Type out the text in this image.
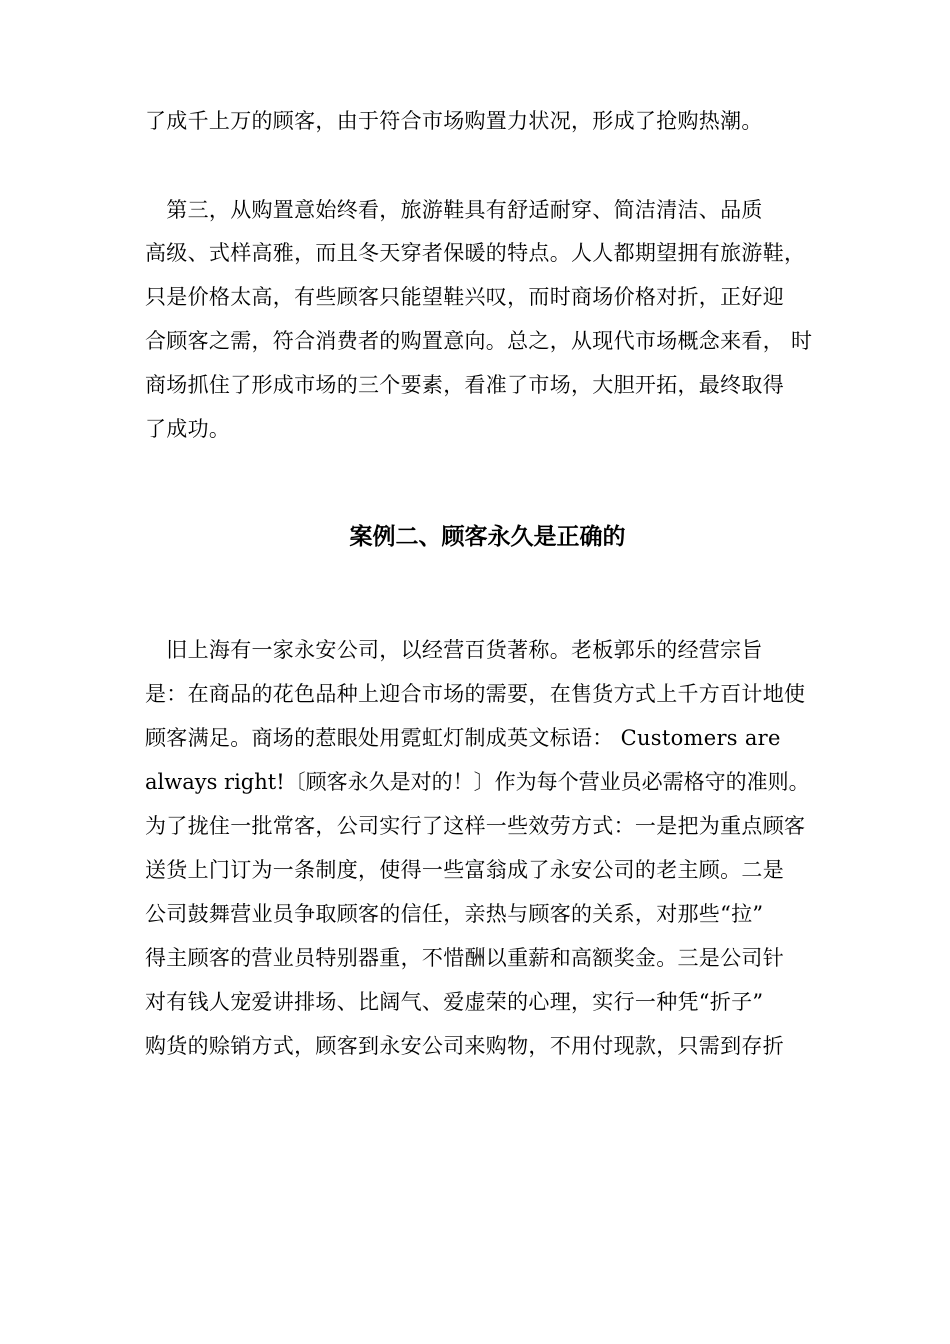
了成千上万的顾客，由于符合市场购置力状况，形成了抢购热潮。
　第三，从购置意始终看，旅游鞋具有舒适耐穿、简洁清洁、品质
高级、式样高雅，而且冬天穿者保暖的特点。人人都期望拥有旅游鞋，
只是价格太高，有些顾客只能望鞋兴叹，而时商场价格对折，正好迎
合顾客之需，符合消费者的购置意向。总之，从现代市场概念来看， 时
商场抓住了形成市场的三个要素，看准了市场，大胆开拓，最终取得
了成功。
案例二、顾客永久是正确的
　旧上海有一家永安公司，以经营百货著称。老板郭乐的经营宗旨
是：在商品的花色品种上迎合市场的需要，在售货方式上千方百计地使
顾客满足。商场的惹眼处用霓虹灯制成英文标语： Customers are
always right!〔顾客永久是对的！〕作为每个营业员必需格守的准则。
为了拢住一批常客，公司实行了这样一些效劳方式：一是把为重点顾客
送货上门订为一条制度，使得一些富翁成了永安公司的老主顾。二是
公司鼓舞营业员争取顾客的信任，亲热与顾客的关系，对那些“拉”
得主顾客的营业员特别器重，不惜酬以重薪和高额奖金。三是公司针
对有钱人宠爱讲排场、比阔气、爱虚荣的心理，实行一种凭“折子”
购货的赊销方式，顾客到永安公司来购物，不用付现款，只需到存折
